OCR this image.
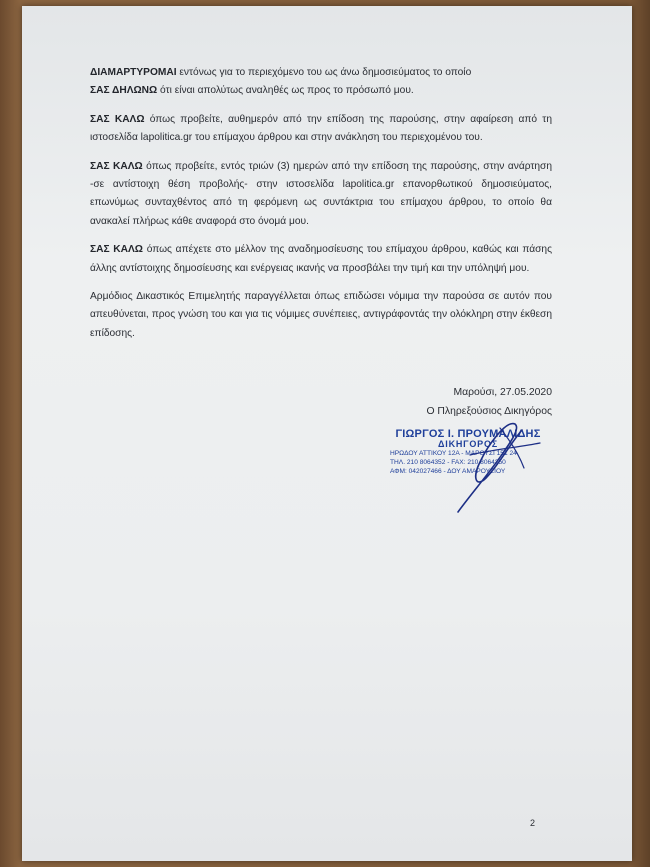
ΔΙΑΜΑΡΤΥΡΟΜΑΙ εντόνως για το περιεχόμενο του ως άνω δημοσιεύματος το οποίο
ΣΑΣ ΔΗΛΩΝΩ ότι είναι απολύτως αναληθές ως προς το πρόσωπό μου.

ΣΑΣ ΚΑΛΩ όπως προβείτε, αυθημερόν από την επίδοση της παρούσης, στην αφαίρεση από τη ιστοσελίδα lapolitica.gr του επίμαχου άρθρου και στην ανάκληση του περιεχομένου του.

ΣΑΣ ΚΑΛΩ όπως προβείτε, εντός τριών (3) ημερών από την επίδοση της παρούσης, στην ανάρτηση -σε αντίστοιχη θέση προβολής- στην ιστοσελίδα lapolitica.gr επανορθωτικού δημοσιεύματος, επωνύμως συνταχθέντος από τη φερόμενη ως συντάκτρια του επίμαχου άρθρου, το οποίο θα ανακαλεί πλήρως κάθε αναφορά στο όνομά μου.

ΣΑΣ ΚΑΛΩ όπως απέχετε στο μέλλον της αναδημοσίευσης του επίμαχου άρθρου, καθώς και πάσης άλλης αντίστοιχης δημοσίευσης και ενέργειας ικανής να προσβάλει την τιμή και την υπόληψή μου.

Αρμόδιος Δικαστικός Επιμελητής παραγγέλλεται όπως επιδώσει νόμιμα την παρούσα σε αυτόν που απευθύνεται, προς γνώση του και για τις νόμιμες συνέπειες, αντιγράφοντάς την ολόκληρη στην έκθεση επίδοσης.

Μαρούσι, 27.05.2020
Ο Πληρεξούσιος Δικηγόρος
ΓΙΩΡΓΟΣ Ι. ΠΡΟΥΜΑΛΙΔΗΣ
ΔΙΚΗΓΟΡΟΣ
ΗΡΩΔΟΥ ΑΤΤΙΚΟΥ 12Α - ΜΑΡΟΥΣΙ 151 24
ΤΗΛ. 210 8064352 - FAX: 210 8064350
ΑΦΜ: 042027466 - ΔΟΥ ΑΜΑΡΟΥΣΙΟΥ
2
